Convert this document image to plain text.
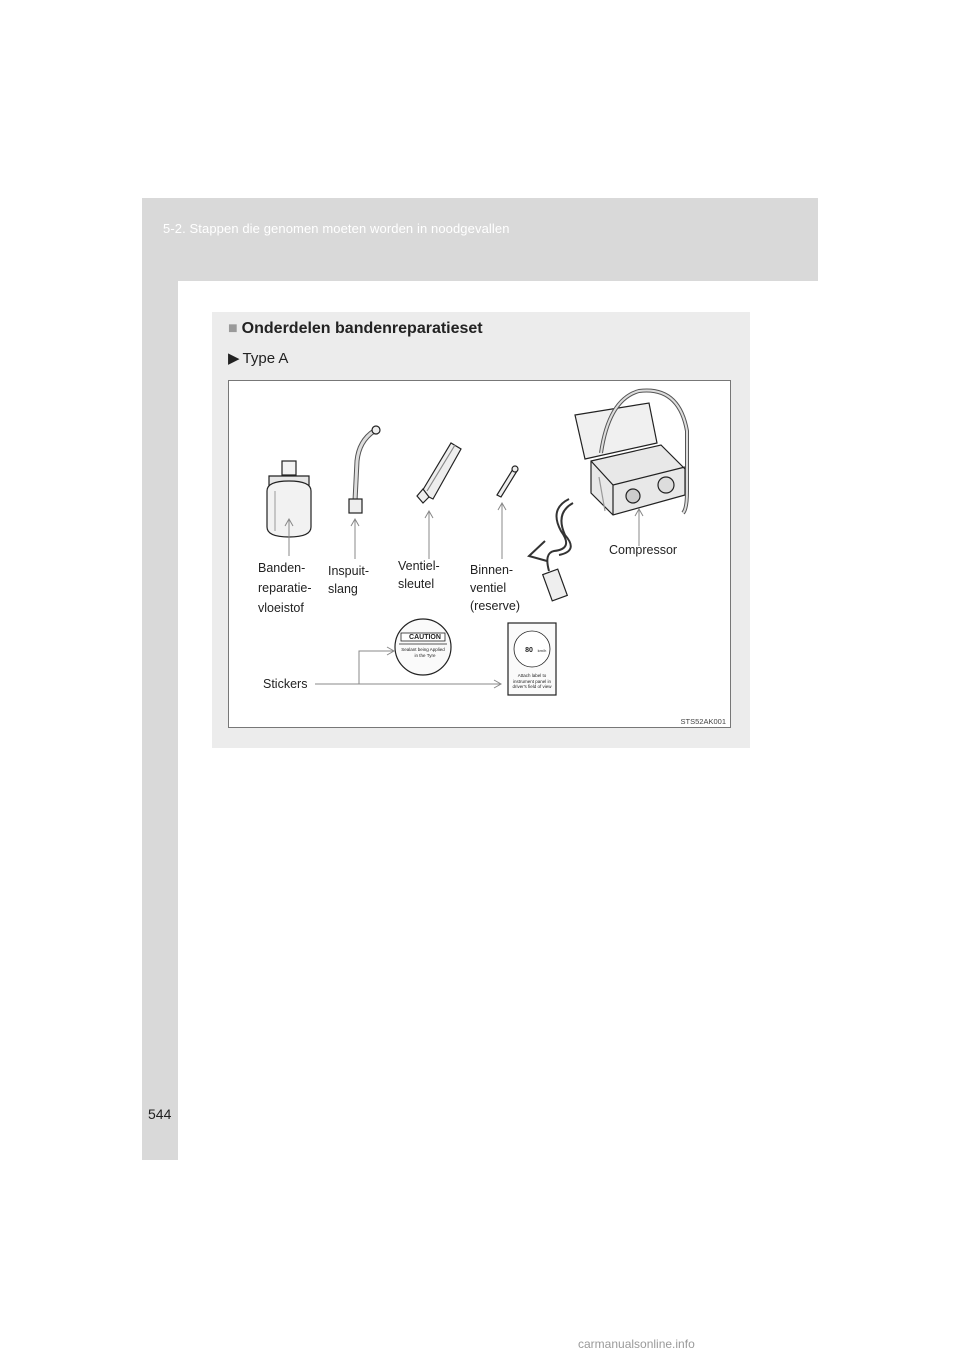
5-2. Stappen die genomen moeten worden in noodgevallen
■ Onderdelen bandenreparatieset
▶ Type A
CAUTION
Sealant being Applied
in the Tyre
80 km/h
STS52AK001
Banden-
reparatie-
vloeistof
Inspuit-
slang
Ventiel-
sleutel
Binnen-
ventiel
(reserve)
Compressor
Stickers
Attach label to
instrument panel in
driver's field of view
544
carmanualsonline.info
